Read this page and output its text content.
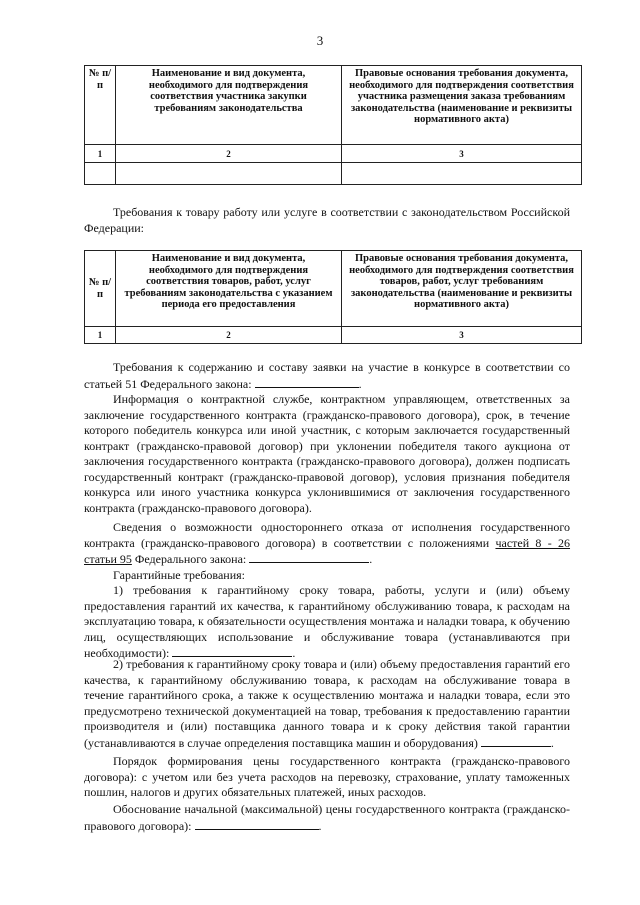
3
№ п/п	Наименование и вид документа, необходимого для подтверждения соответствия участника закупки требованиям законодательства	Правовые основания требования документа, необходимого для подтверждения соответствия участника размещения заказа требованиям законодательства (наименование и реквизиты нормативного акта)
1	2	3

Требования к товару работу или услуге в соответствии с законодательством Российской Федерации:

№ п/п	Наименование и вид документа, необходимого для подтверждения соответствия товаров, работ, услуг требованиям законодательства с указанием периода его предоставления	Правовые основания требования документа, необходимого для подтверждения соответствия товаров, работ, услуг требованиям законодательства (наименование и реквизиты нормативного акта)
1	2	3

Требования к содержанию и составу заявки на участие в конкурсе в соответствии со статьей 51 Федерального закона:	.

Информация о контрактной службе, контрактном управляющем, ответственных за заключение государственного контракта (гражданско-правового договора), срок, в течение которого победитель конкурса или иной участник, с которым заключается государственный контракт (гражданско-правовой договор) при уклонении победителя такого аукциона от заключения государственного контракта (гражданско-правового договора), должен подписать государственный контракт (гражданско-правовой договор), условия признания победителя конкурса или иного участника конкурса уклонившимися от заключения государственного контракта (гражданско-правового договора).

Сведения о возможности одностороннего отказа от исполнения государственного контракта (гражданско-правового договора) в соответствии с положениями частей 8 - 26 статьи 95 Федерального закона:	.

Гарантийные требования:

1) требования к гарантийному сроку товара, работы, услуги и (или) объему предоставления гарантий их качества, к гарантийному обслуживанию товара, к расходам на эксплуатацию товара, к обязательности осуществления монтажа и наладки товара, к обучению лиц, осуществляющих использование и обслуживание товара (устанавливаются при необходимости):	.

2) требования к гарантийному сроку товара и (или) объему предоставления гарантий его качества, к гарантийному обслуживанию товара, к расходам на обслуживание товара в течение гарантийного срока, а также к осуществлению монтажа и наладки товара, если это предусмотрено технической документацией на товар, требования к предоставлению гарантии производителя и (или) поставщика данного товара и к сроку действия такой гарантии (устанавливаются в случае определения поставщика машин и оборудования)	.

Порядок формирования цены государственного контракта (гражданско-правового договора): с учетом или без учета расходов на перевозку, страхование, уплату таможенных пошлин, налогов и других обязательных платежей, иных расходов.

Обоснование начальной (максимальной) цены государственного контракта (гражданско-правового договора):	.
